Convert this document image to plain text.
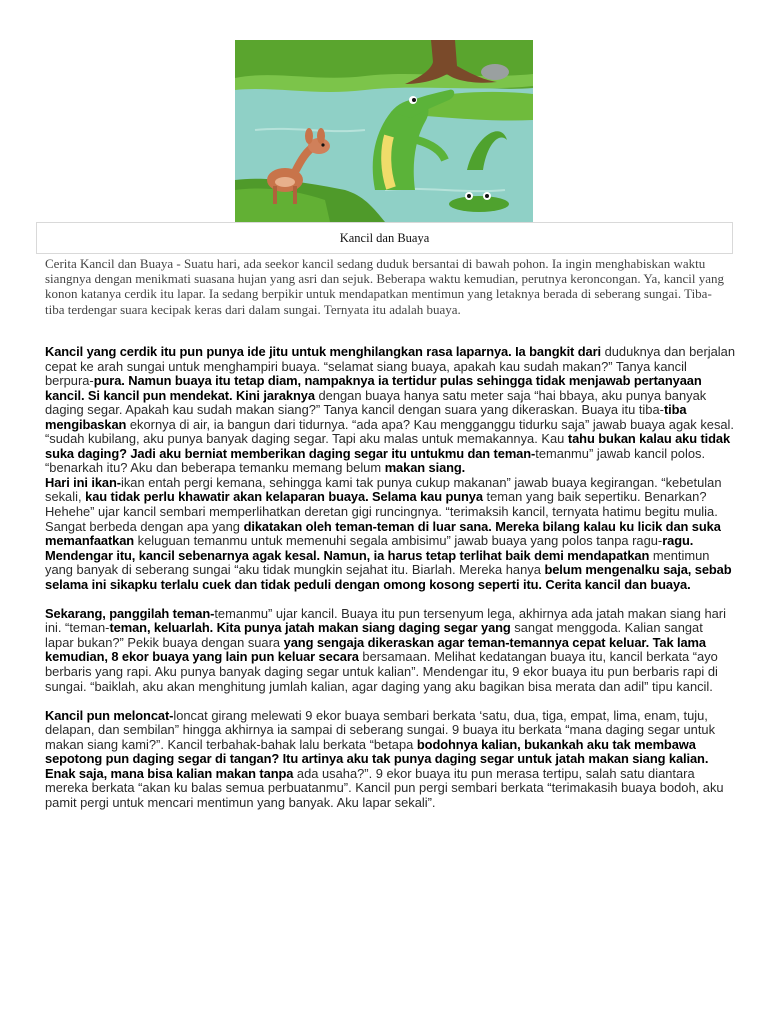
Kancil dan Buaya

Cerita Kancil dan Buaya - Suatu hari, ada seekor kancil sedang duduk bersantai di bawah pohon. Ia ingin menghabiskan waktu siangnya dengan menikmati suasana hujan yang asri dan sejuk. Beberapa waktu kemudian, perutnya keroncongan. Ya, kancil yang konon katanya cerdik itu lapar. Ia sedang berpikir untuk mendapatkan mentimun yang letaknya berada di seberang sungai. Tiba-tiba terdengar suara kecipak keras dari dalam sungai. Ternyata itu adalah buaya.

Kancil yang cerdik itu pun punya ide jitu untuk menghilangkan rasa laparnya. Ia bangkit dari duduknya dan berjalan cepat ke arah sungai untuk menghampiri buaya. “selamat siang buaya, apakah kau sudah makan?” Tanya kancil berpura-pura. Namun buaya itu tetap diam, nampaknya ia tertidur pulas sehingga tidak menjawab pertanyaan kancil. Si kancil pun mendekat. Kini jaraknya dengan buaya hanya satu meter saja “hai bbaya, aku punya banyak daging segar. Apakah kau sudah makan siang?” Tanya kancil dengan suara yang dikeraskan. Buaya itu tiba-tiba mengibaskan ekornya di air, ia bangun dari tidurnya. “ada apa? Kau mengganggu tidurku saja” jawab buaya agak kesal. “sudah kubilang, aku punya banyak daging segar. Tapi aku malas untuk memakannya. Kau tahu bukan kalau aku tidak suka daging? Jadi aku berniat memberikan daging segar itu untukmu dan teman-temanmu” jawab kancil polos. “benarkah itu? Aku dan beberapa temanku memang belum makan siang.

Hari ini ikan-ikan entah pergi kemana, sehingga kami tak punya cukup makanan” jawab buaya kegirangan. “kebetulan sekali, kau tidak perlu khawatir akan kelaparan buaya. Selama kau punya teman yang baik sepertiku. Benarkan? Hehehe” ujar kancil sembari memperlihatkan deretan gigi runcingnya. “terimaksih kancil, ternyata hatimu begitu mulia. Sangat berbeda dengan apa yang dikatakan oleh teman-teman di luar sana. Mereka bilang kalau ku licik dan suka memanfaatkan keluguan temanmu untuk memenuhi segala ambisimu” jawab buaya yang polos tanpa ragu-ragu. Mendengar itu, kancil sebenarnya agak kesal. Namun, ia harus tetap terlihat baik demi mendapatkan mentimun yang banyak di seberang sungai “aku tidak mungkin sejahat itu. Biarlah. Mereka hanya belum mengenalku saja, sebab selama ini sikapku terlalu cuek dan tidak peduli dengan omong kosong seperti itu. Cerita kancil dan buaya.

Sekarang, panggilah teman-temanmu” ujar kancil. Buaya itu pun tersenyum lega, akhirnya ada jatah makan siang hari ini. “teman-teman, keluarlah. Kita punya jatah makan siang daging segar yang sangat menggoda. Kalian sangat lapar bukan?” Pekik buaya dengan suara yang sengaja dikeraskan agar teman-temannya cepat keluar. Tak lama kemudian, 8 ekor buaya yang lain pun keluar secara bersamaan. Melihat kedatangan buaya itu, kancil berkata “ayo berbaris yang rapi. Aku punya banyak daging segar untuk kalian”. Mendengar itu, 9 ekor buaya itu pun berbaris rapi di sungai. “baiklah, aku akan menghitung jumlah kalian, agar daging yang aku bagikan bisa merata dan adil” tipu kancil.

Kancil pun meloncat-loncat girang melewati 9 ekor buaya sembari berkata ‘satu, dua, tiga, empat, lima, enam, tuju, delapan, dan sembilan” hingga akhirnya ia sampai di seberang sungai. 9 buaya itu berkata “mana daging segar untuk makan siang kami?”. Kancil terbahak-bahak lalu berkata “betapa bodohnya kalian, bukankah aku tak membawa sepotong pun daging segar di tangan? Itu artinya aku tak punya daging segar untuk jatah makan siang kalian. Enak saja, mana bisa kalian makan tanpa ada usaha?”. 9 ekor buaya itu pun merasa tertipu, salah satu diantara mereka berkata “akan ku balas semua perbuatanmu”. Kancil pun pergi sembari berkata “terimakasih buaya bodoh, aku pamit pergi untuk mencari mentimun yang banyak. Aku lapar sekali”.
